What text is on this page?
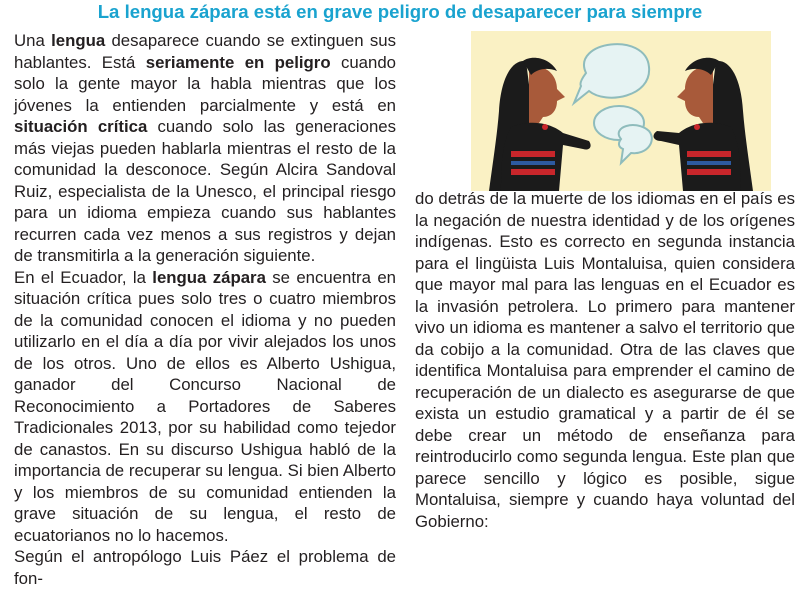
La lengua zápara está en grave peligro de desaparecer para siempre

Una lengua desaparece cuando se extinguen sus hablantes. Está seriamente en peligro cuando solo la gente mayor la habla mientras que los jóvenes la entienden parcialmente y está en situación crítica cuando solo las generaciones más viejas pueden hablarla mientras el resto de la comunidad la desconoce. Según Alcira Sandoval Ruiz, especialista de la Unesco, el principal riesgo para un idioma empieza cuando sus hablantes recurren cada vez menos a sus registros y dejan de transmitirla a la generación siguiente.

En el Ecuador, la lengua zápara se encuentra en situación crítica pues solo tres o cuatro miembros de la comunidad conocen el idioma y no pueden utilizarlo en el día a día por vivir alejados los unos de los otros. Uno de ellos es Alberto Ushigua, ganador del Concurso Nacional de Reconocimiento a Portadores de Saberes Tradicionales 2013, por su habilidad como tejedor de canastos. En su discurso Ushigua habló de la importancia de recuperar su lengua. Si bien Alberto y los miembros de su comunidad entienden la grave situación de su lengua, el resto de ecuatorianos no lo hacemos.

Según el antropólogo Luis Páez el problema de fon-

do detrás de la muerte de los idiomas en el país es la negación de nuestra identidad y de los orígenes indígenas. Esto es correcto en segunda instancia para el lingüista Luis Montaluisa, quien considera que mayor mal para las lenguas en el Ecuador es la invasión petrolera. Lo primero para mantener vivo un idioma es mantener a salvo el territorio que da cobijo a la comunidad. Otra de las claves que identifica Montaluisa para emprender el camino de recuperación de un dialecto es asegurarse de que exista un estudio gramatical y a partir de él se debe crear un método de enseñanza para reintroducirlo como segunda lengua. Este plan que parece sencillo y lógico es posible, sigue Montaluisa, siempre y cuando haya voluntad del Gobierno:
